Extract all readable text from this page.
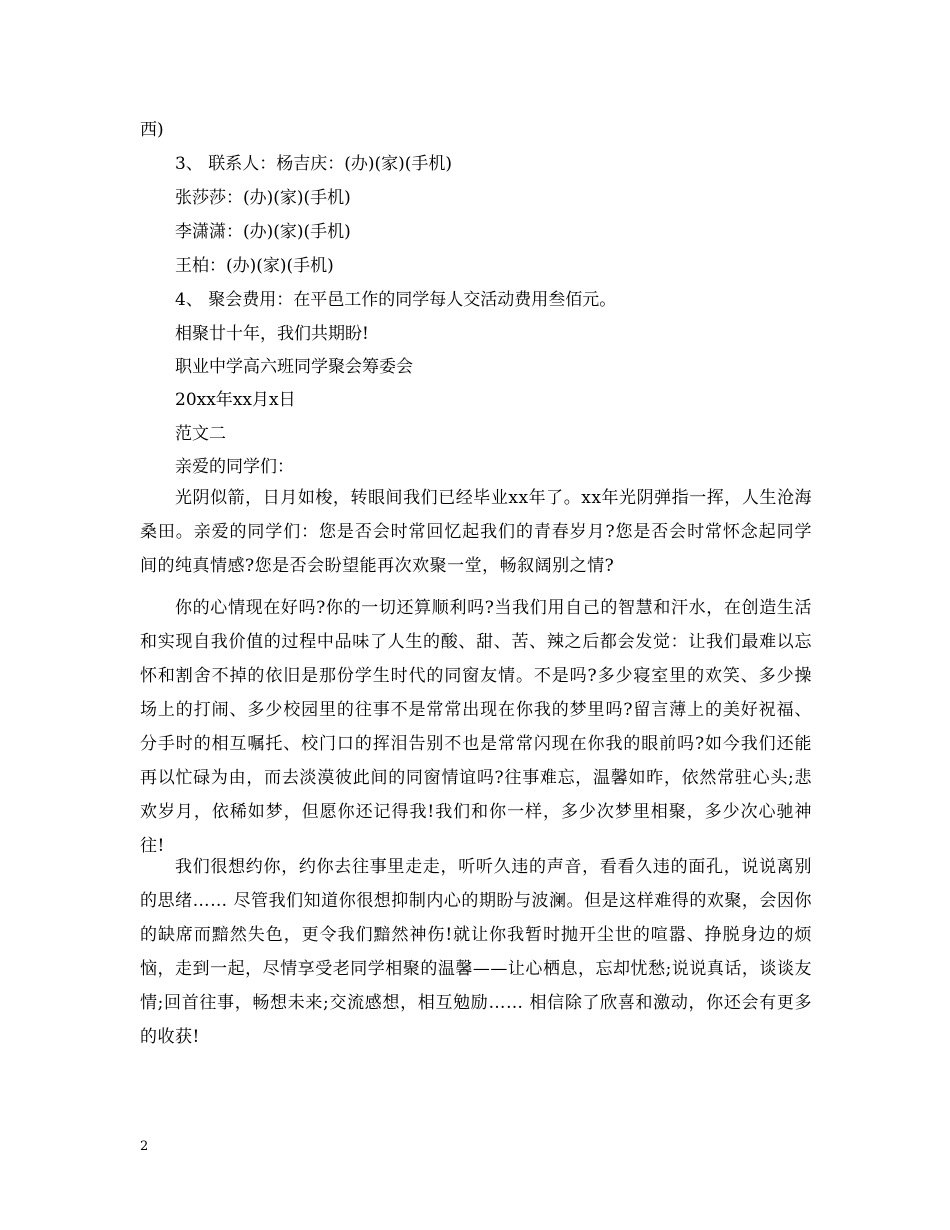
西)
3、 联系人：杨吉庆：(办)(家)(手机)
张莎莎：(办)(家)(手机)
李潇潇：(办)(家)(手机)
王柏：(办)(家)(手机)
4、 聚会费用：在平邑工作的同学每人交活动费用叁佰元。
相聚廿十年，我们共期盼!
职业中学高六班同学聚会筹委会
20xx年xx月x日
范文二
亲爱的同学们：

光阴似箭，日月如梭，转眼间我们已经毕业xx年了。xx年光阴弹指一挥，人生沧海桑田。亲爱的同学们：您是否会时常回忆起我们的青春岁月?您是否会时常怀念起同学间的纯真情感?您是否会盼望能再次欢聚一堂，畅叙阔别之情?

你的心情现在好吗?你的一切还算顺利吗?当我们用自己的智慧和汗水，在创造生活和实现自我价值的过程中品味了人生的酸、甜、苦、辣之后都会发觉：让我们最难以忘怀和割舍不掉的依旧是那份学生时代的同窗友情。不是吗?多少寝室里的欢笑、多少操场上的打闹、多少校园里的往事不是常常出现在你我的梦里吗?留言薄上的美好祝福、分手时的相互嘱托、校门口的挥泪告别不也是常常闪现在你我的眼前吗?如今我们还能再以忙碌为由，而去淡漠彼此间的同窗情谊吗?往事难忘，温馨如昨，依然常驻心头;悲欢岁月，依稀如梦，但愿你还记得我!我们和你一样，多少次梦里相聚，多少次心驰神往!

我们很想约你，约你去往事里走走，听听久违的声音，看看久违的面孔，说说离别的思绪…… 尽管我们知道你很想抑制内心的期盼与波澜。但是这样难得的欢聚，会因你的缺席而黯然失色，更令我们黯然神伤!就让你我暂时抛开尘世的喧嚣、挣脱身边的烦恼，走到一起，尽情享受老同学相聚的温馨——让心栖息，忘却忧愁;说说真话，谈谈友情;回首往事，畅想未来;交流感想，相互勉励…… 相信除了欣喜和激动，你还会有更多的收获!

2
